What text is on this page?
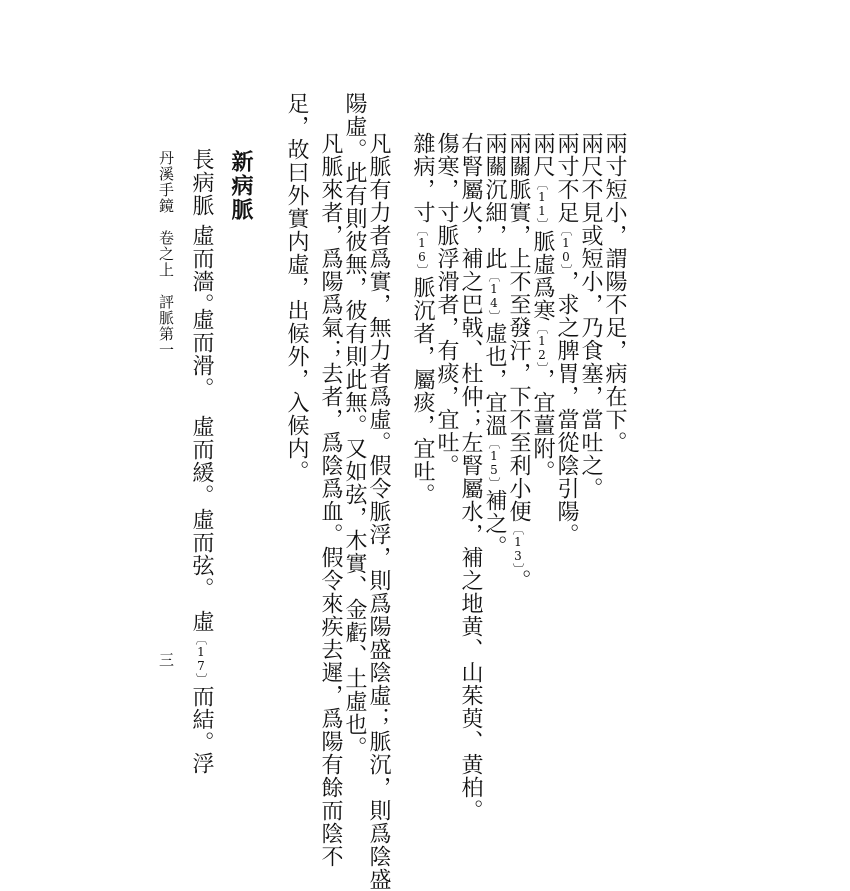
兩寸短小，謂陽不足，病在下。
兩尺不見或短小，乃食塞，當吐之。
兩寸不足〔10〕，求之脾胃，當從陰引陽。
兩尺〔11〕脈虛爲寒〔12〕，宜薑附。
兩關脈實，上不至發汗，下不至利小便〔13〕。
兩關沉細，此〔14〕虛也，宜溫〔15〕補之。
右腎屬火，補之巴戟、杜仲；左腎屬水，補之地黄、山茱萸、黄柏。
傷寒，寸脈浮滑者，有痰，宜吐。
雜病，寸〔16〕脈沉者，屬痰，宜吐。
凡脈有力者爲實，無力者爲虛。假令脈浮，則爲陽盛陰虛；脈沉，則爲陰盛
陽虛。此有則彼無，彼有則此無。又如弦，木實、金虧、土虛也。
凡脈來者，爲陽爲氣；去者，爲陰爲血。假令來疾去遲，爲陽有餘而陰不
足，故曰外實内虛，出候外，入候内。
新病脈
長病脈
虛而濇。
虛而滑。
虛而緩。
虛而弦。
虛〔17〕而結。
浮
丹溪手鏡　卷之上　評脈第一
三
